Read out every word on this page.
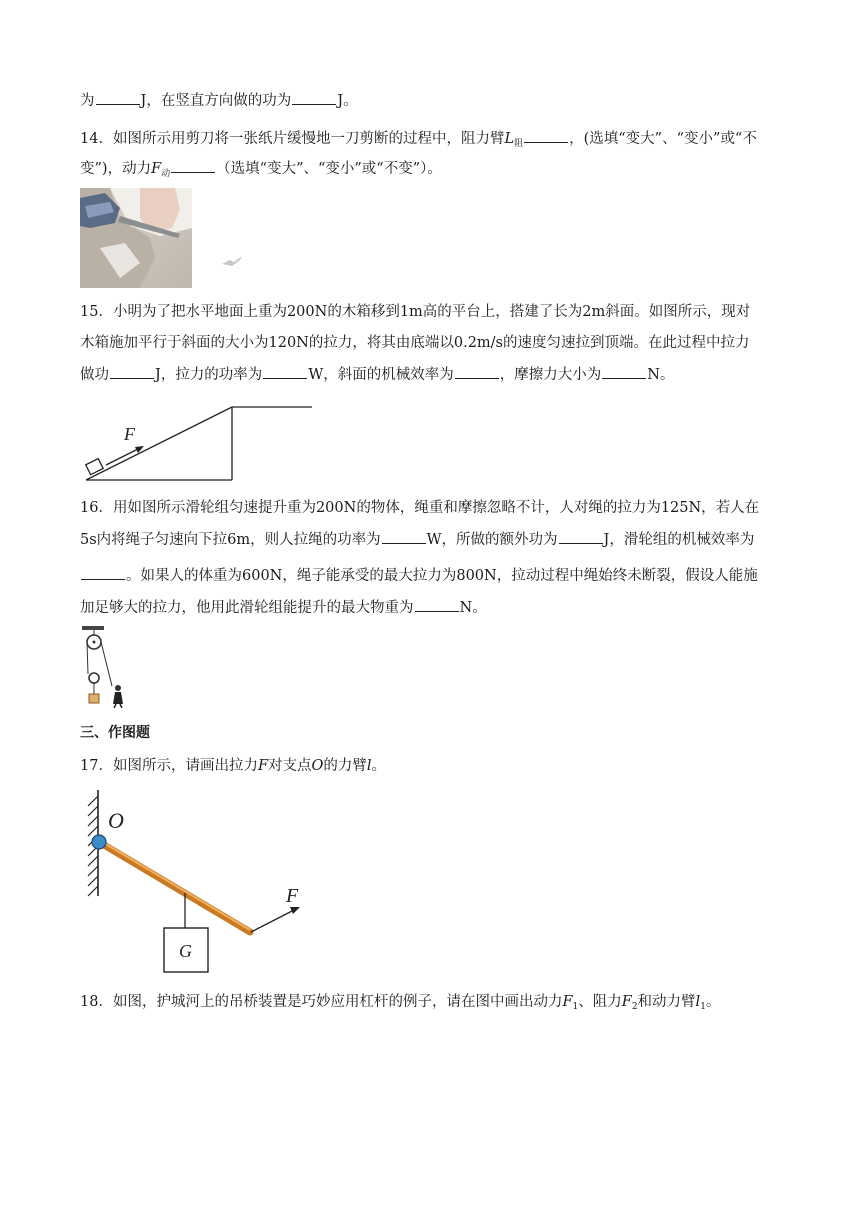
为	J，在竖直方向做的功为	J。
14．如图所示用剪刀将一张纸片缓慢地一刀剪断的过程中，阻力臂$L_阻$	，(选填“变大”、“变小”或“不
变”)，动力$F_动$	（选填“变大”、“变小”或“不变”）。
15．小明为了把水平地面上重为200N的木箱移到1m高的平台上，搭建了长为2m斜面。如图所示，现对
木箱施加平行于斜面的大小为120N的拉力，将其由底端以0.2m/s的速度匀速拉到顶端。在此过程中拉力
做功	J，拉力的功率为	W，斜面的机械效率为	，摩擦力大小为	N。
F
16．用如图所示滑轮组匀速提升重为200N的物体，绳重和摩擦忽略不计，人对绳的拉力为125N，若人在
5s内将绳子匀速向下拉6m，则人拉绳的功率为	W，所做的额外功为	J，滑轮组的机械效率为
。如果人的体重为600N，绳子能承受的最大拉力为800N，拉动过程中绳始终未断裂，假设人能施
加足够大的拉力，他用此滑轮组能提升的最大物重为	N。
三、作图题
17．如图所示，请画出拉力F对支点O的力臂l。
O
G
F
18．如图，护城河上的吊桥装置是巧妙应用杠杆的例子，请在图中画出动力$F_1$、阻力$F_2$和动力臂$l_1$。
